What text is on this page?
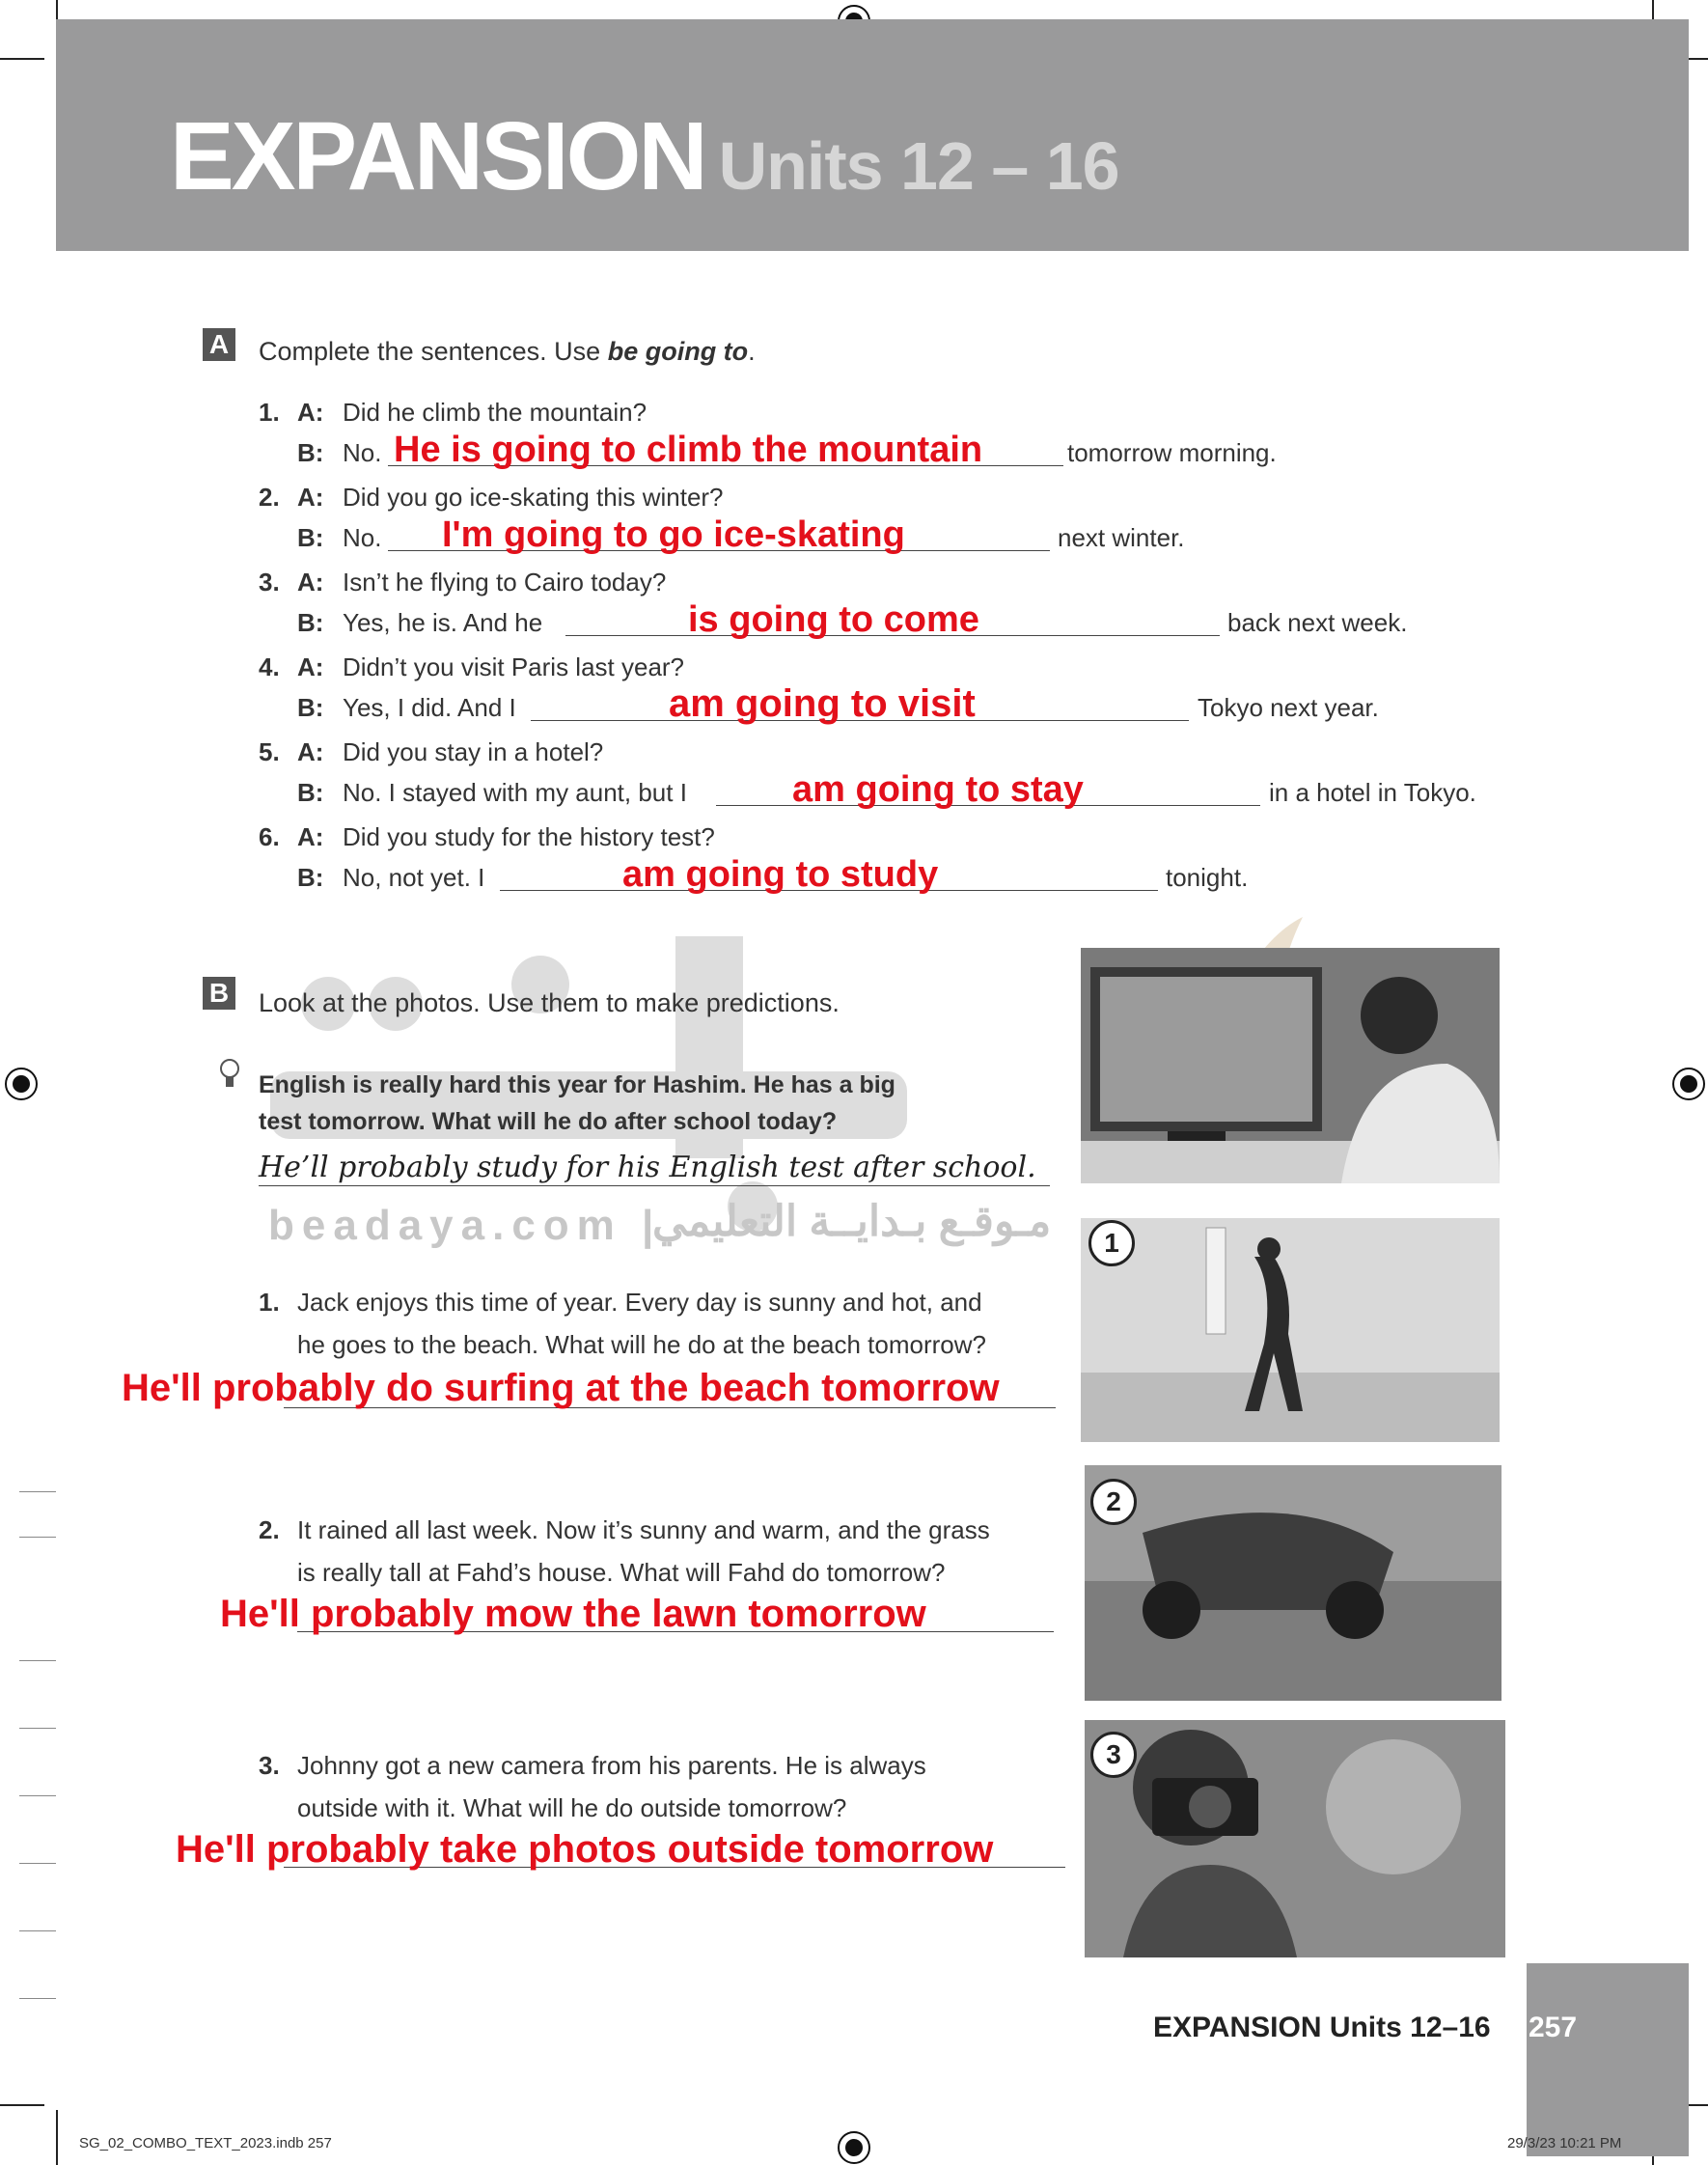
EXPANSION Units 12 – 16
beadaya.com |
مـوقـع بـدايــة التعليمي
A Complete the sentences. Use be going to.
1. A: Did he climb the mountain?
B: No. He is going to climb the mountain	tomorrow morning.
2. A: Did you go ice-skating this winter?
B: No. I'm going to go ice-skating	next winter.
3. A: Isn’t he flying to Cairo today?
B: Yes, he is. And he	is going to come	back next week.
4. A: Didn’t you visit Paris last year?
B: Yes, I did. And I	am going to visit	Tokyo next year.
5. A: Did you stay in a hotel?
B: No. I stayed with my aunt, but I	am going to stay	in a hotel in Tokyo.
6. A: Did you study for the history test?
B: No, not yet. I	am going to study	tonight.
B Look at the photos. Use them to make predictions.
English is really hard this year for Hashim. He has a big
test tomorrow. What will he do after school today?
He’ll probably study for his English test after school.
1
1. Jack enjoys this time of year. Every day is sunny and hot, and
he goes to the beach. What will he do at the beach tomorrow?
He'll probably do surfing at the beach tomorrow
2
2. It rained all last week. Now it’s sunny and warm, and the grass
is really tall at Fahd’s house. What will Fahd do tomorrow?
He'll probably mow the lawn tomorrow
3
3. Johnny got a new camera from his parents. He is always
outside with it. What will he do outside tomorrow?
He'll probably take photos outside tomorrow
257
EXPANSION Units 12–16
SG_02_COMBO_TEXT_2023.indb 257	29/3/23 10:21 PM
